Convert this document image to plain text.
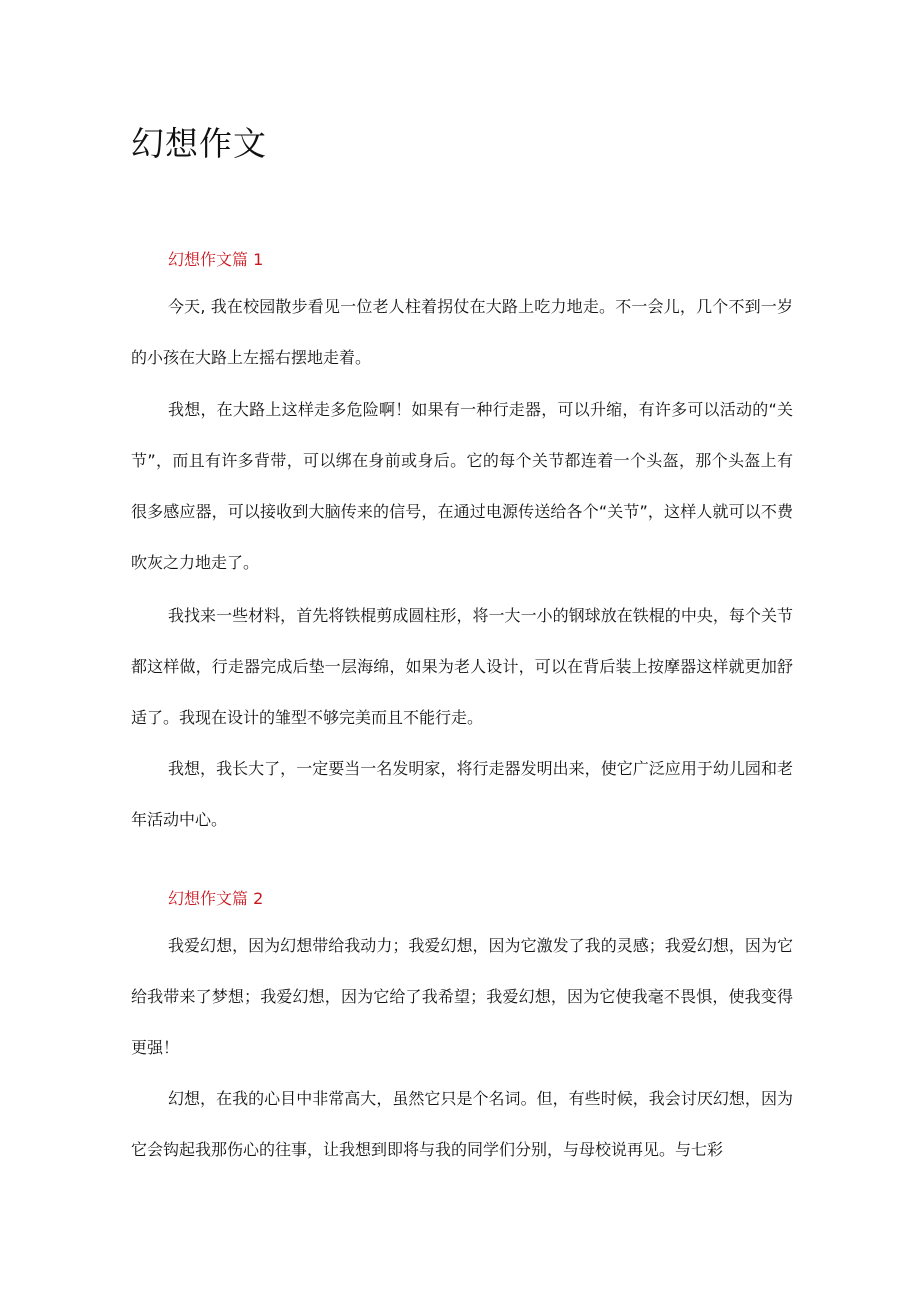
幻想作文
幻想作文篇 1

今天, 我在校园散步看见一位老人柱着拐仗在大路上吃力地走。不一会儿，几个不到一岁的小孩在大路上左摇右摆地走着。

我想，在大路上这样走多危险啊！如果有一种行走器，可以升缩，有许多可以活动的“关节”，而且有许多背带，可以绑在身前或身后。它的每个关节都连着一个头盔，那个头盔上有很多感应器，可以接收到大脑传来的信号，在通过电源传送给各个“关节”，这样人就可以不费吹灰之力地走了。

我找来一些材料，首先将铁棍剪成圆柱形，将一大一小的钢球放在铁棍的中央，每个关节都这样做，行走器完成后垫一层海绵，如果为老人设计，可以在背后装上按摩器这样就更加舒适了。我现在设计的雏型不够完美而且不能行走。

我想，我长大了，一定要当一名发明家，将行走器发明出来，使它广泛应用于幼儿园和老年活动中心。

幻想作文篇 2

我爱幻想，因为幻想带给我动力；我爱幻想，因为它激发了我的灵感；我爱幻想，因为它给我带来了梦想；我爱幻想，因为它给了我希望；我爱幻想，因为它使我毫不畏惧，使我变得更强！

幻想，在我的心目中非常高大，虽然它只是个名词。但，有些时候，我会讨厌幻想，因为它会钩起我那伤心的往事，让我想到即将与我的同学们分别，与母校说再见。与七彩
